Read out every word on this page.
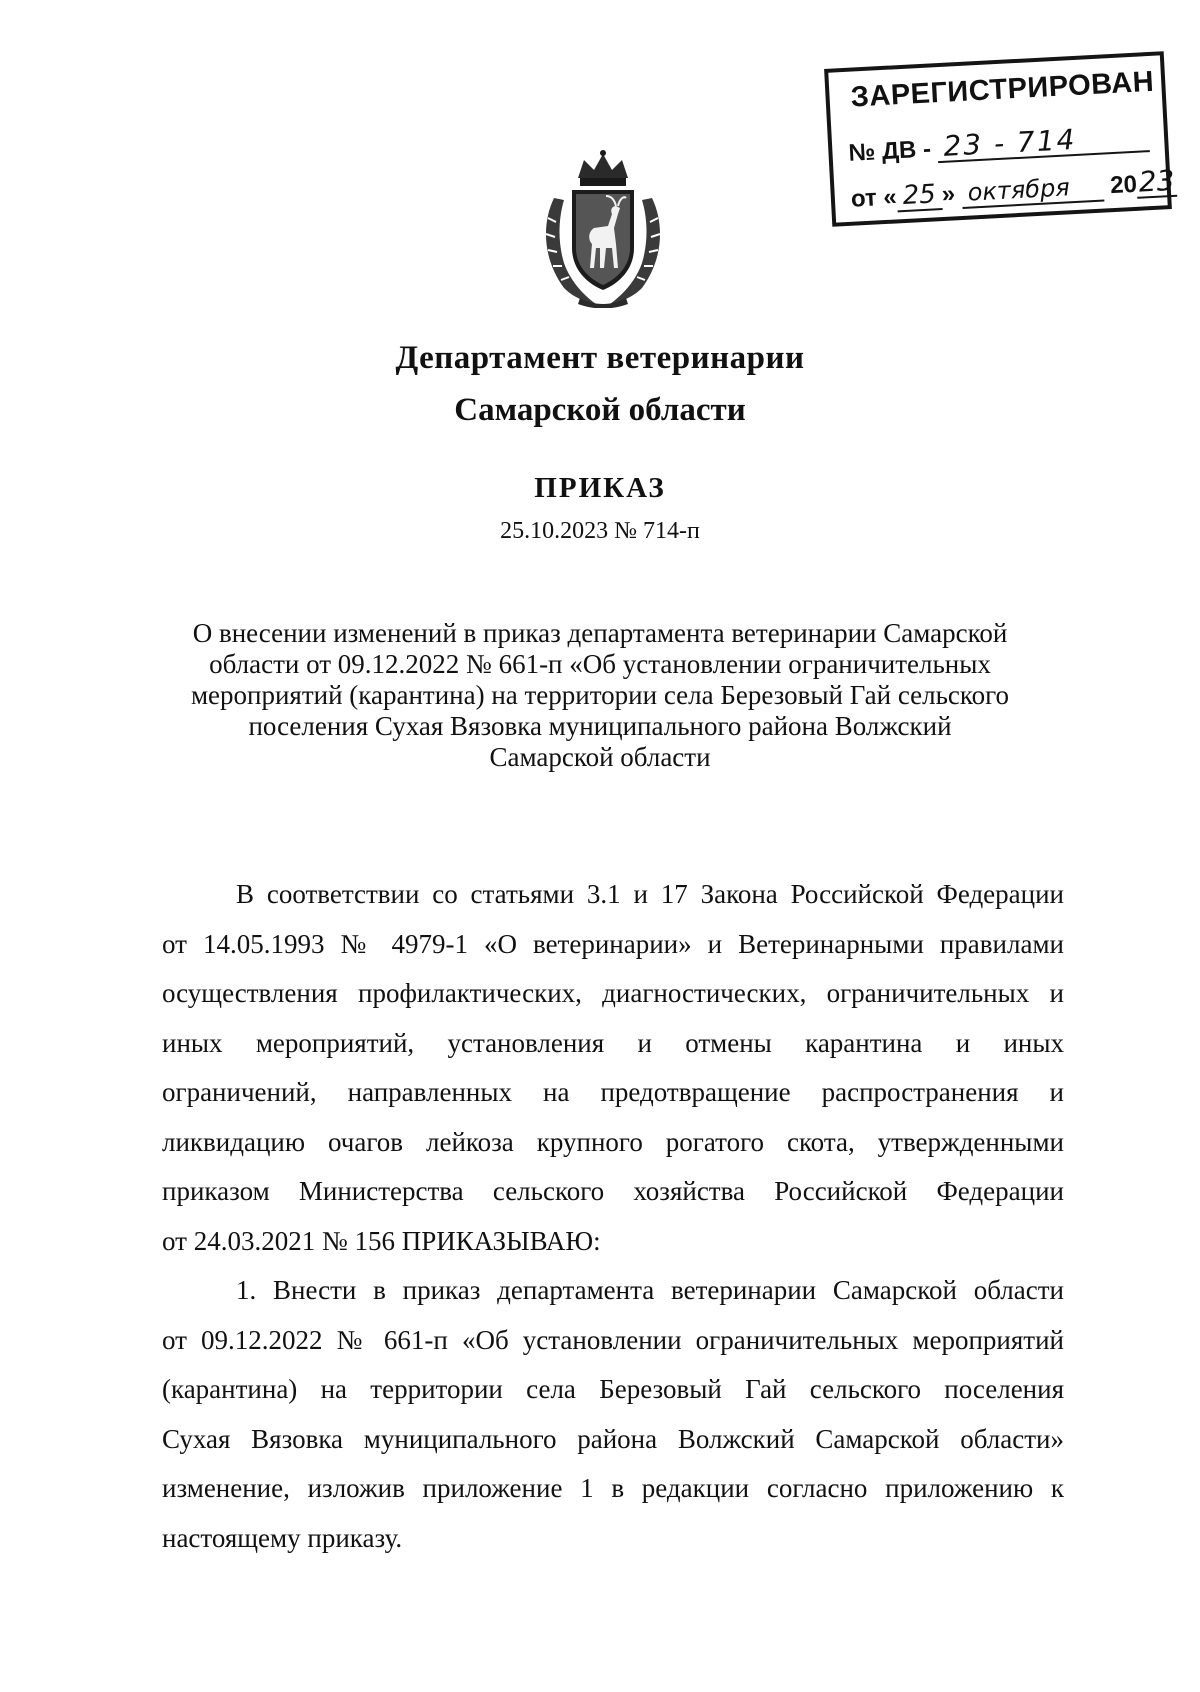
ЗАРЕГИСТРИРОВАН
№ ДВ - 23 - 714
от « 25 » октября 2023
Департамент ветеринарии
Самарской области
ПРИКАЗ
25.10.2023 № 714-п
О внесении изменений в приказ департамента ветеринарии Самарской
области от 09.12.2022 № 661-п «Об установлении ограничительных
мероприятий (карантина) на территории села Березовый Гай сельского
поселения Сухая Вязовка муниципального района Волжский
Самарской области
В соответствии со статьями 3.1 и 17 Закона Российской Федерации
от 14.05.1993 № 4979-1 «О ветеринарии» и Ветеринарными правилами
осуществления профилактических, диагностических, ограничительных и
иных мероприятий, установления и отмены карантина и иных
ограничений, направленных на предотвращение распространения и
ликвидацию очагов лейкоза крупного рогатого скота, утвержденными
приказом Министерства сельского хозяйства Российской Федерации
от 24.03.2021 № 156 ПРИКАЗЫВАЮ:
1. Внести в приказ департамента ветеринарии Самарской области
от 09.12.2022 № 661-п «Об установлении ограничительных мероприятий
(карантина) на территории села Березовый Гай сельского поселения
Сухая Вязовка муниципального района Волжский Самарской области»
изменение, изложив приложение 1 в редакции согласно приложению к
настоящему приказу.
